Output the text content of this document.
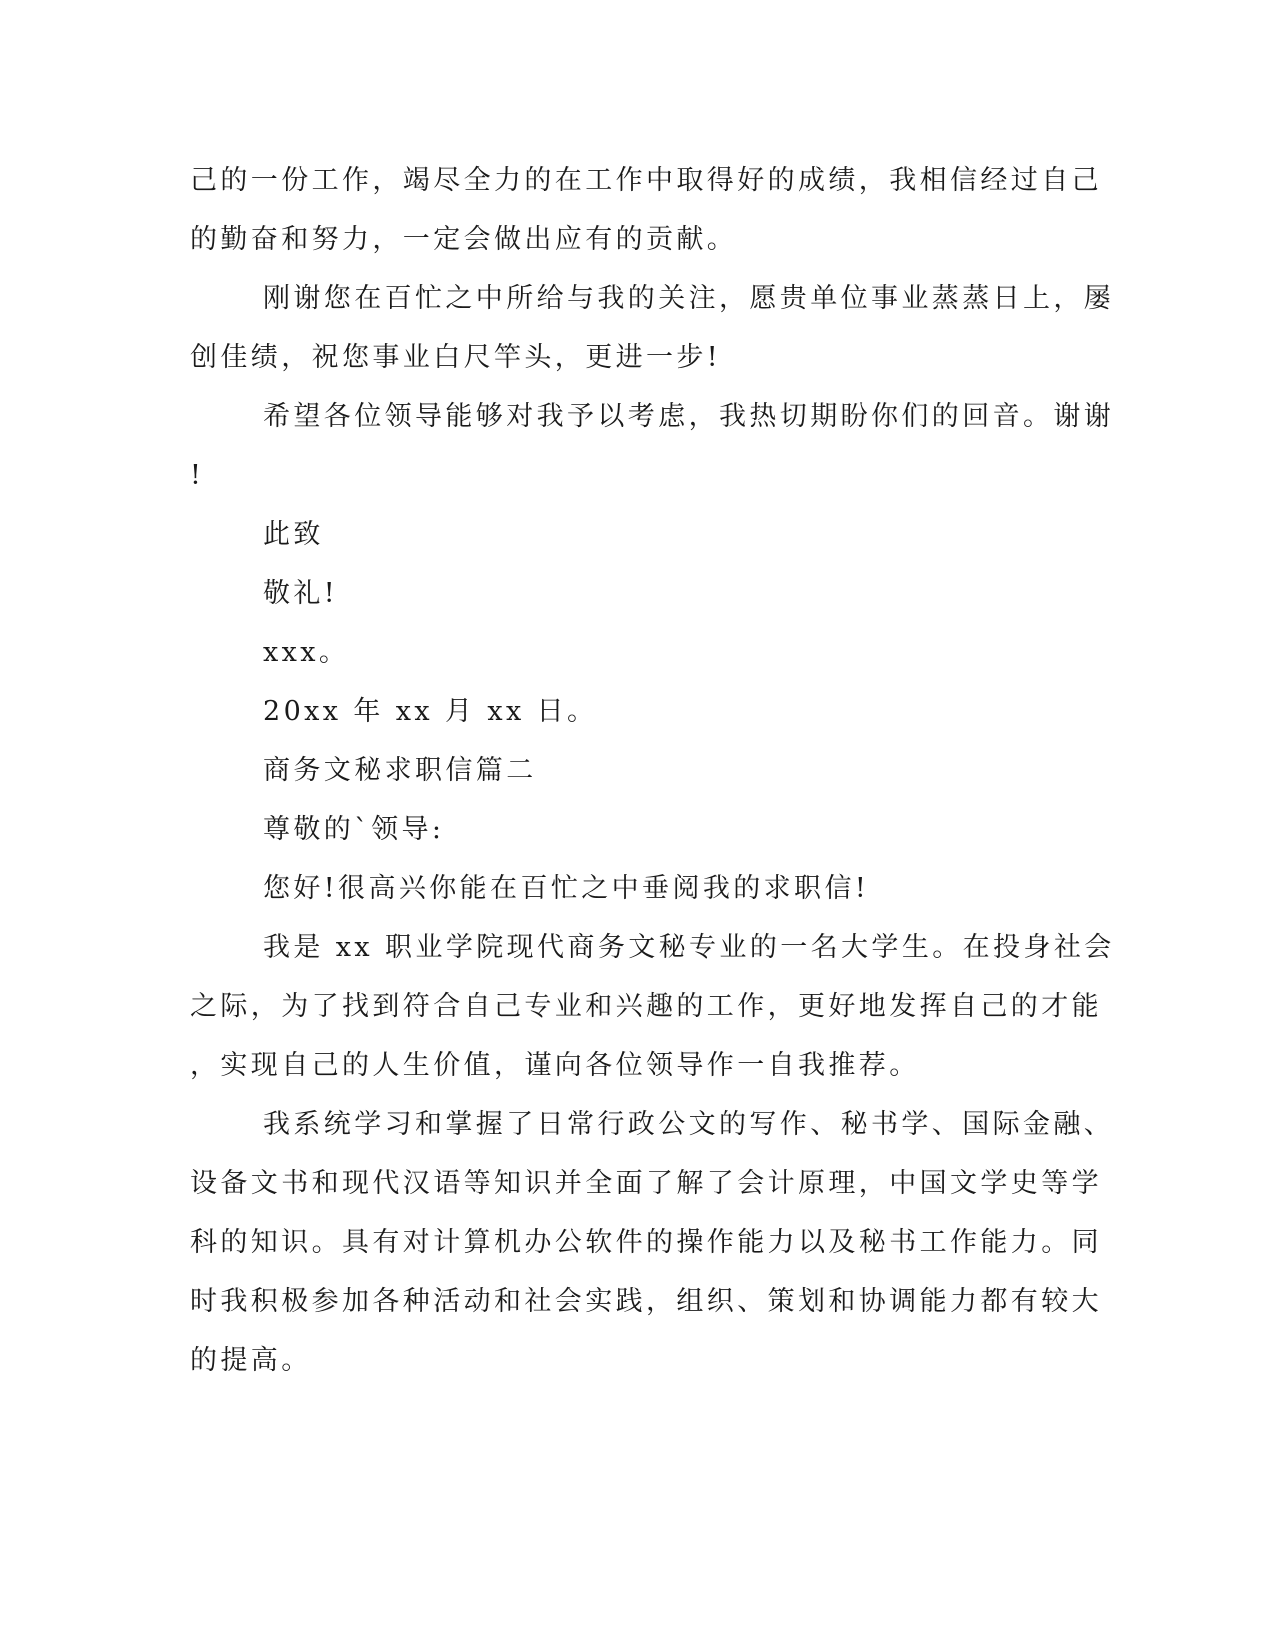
己的一份工作，竭尽全力的在工作中取得好的成绩，我相信经过自己
的勤奋和努力，一定会做出应有的贡献。
刚谢您在百忙之中所给与我的关注，愿贵单位事业蒸蒸日上，屡
创佳绩，祝您事业白尺竿头，更进一步!
希望各位领导能够对我予以考虑，我热切期盼你们的回音。谢谢
!
此致
敬礼!
xxx。
20xx 年 xx 月 xx 日。
商务文秘求职信篇二
尊敬的`领导:
您好!很高兴你能在百忙之中垂阅我的求职信!
我是 xx 职业学院现代商务文秘专业的一名大学生。在投身社会
之际，为了找到符合自己专业和兴趣的工作，更好地发挥自己的才能
，实现自己的人生价值，谨向各位领导作一自我推荐。
我系统学习和掌握了日常行政公文的写作、秘书学、国际金融、
设备文书和现代汉语等知识并全面了解了会计原理，中国文学史等学
科的知识。具有对计算机办公软件的操作能力以及秘书工作能力。同
时我积极参加各种活动和社会实践，组织、策划和协调能力都有较大
的提高。
